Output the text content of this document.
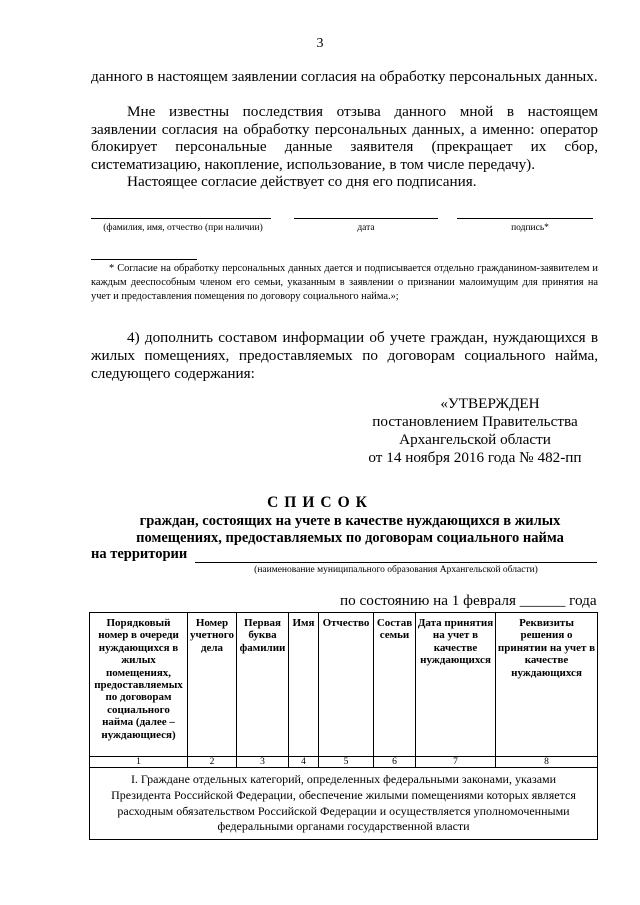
3
данного в настоящем заявлении согласия на обработку персональных данных.
Мне известны последствия отзыва данного мной в настоящем заявлении согласия на обработку персональных данных, а именно: оператор блокирует персональные данные заявителя (прекращает их сбор, систематизацию, накопление, использование, в том числе передачу).
Настоящее согласие действует со дня его подписания.
(фамилия, имя, отчество (при наличии)	дата	подпись*
* Согласие на обработку персональных данных дается и подписывается отдельно гражданином-заявителем и каждым дееспособным членом его семьи, указанным в заявлении о признании малоимущим для принятия на учет и предоставления помещения по договору социального найма.»;
4) дополнить составом информации об учете граждан, нуждающихся в жилых помещениях, предоставляемых по договорам социального найма, следующего содержания:
«УТВЕРЖДЕН
постановлением Правительства
Архангельской области
от 14 ноября 2016 года № 482-пп
СПИСОК
граждан, состоящих на учете в качестве нуждающихся в жилых
помещениях, предоставляемых по договорам социального найма
на территории
(наименование муниципального образования Архангельской области)
по состоянию на 1 февраля ______ года
Порядковый номер в очереди нуждающихся в жилых помещениях, предоставляемых по договорам социального найма (далее – нуждающиеся)	Номер учетного дела	Первая буква фамилии	Имя	Отчество	Состав семьи	Дата принятия на учет в качестве нуждающихся	Реквизиты решения о принятии на учет в качестве нуждающихся
1	2	3	4	5	6	7	8
I. Граждане отдельных категорий, определенных федеральными законами, указами Президента Российской Федерации, обеспечение жилыми помещениями которых является расходным обязательством Российской Федерации и осуществляется уполномоченными федеральными органами государственной власти							
